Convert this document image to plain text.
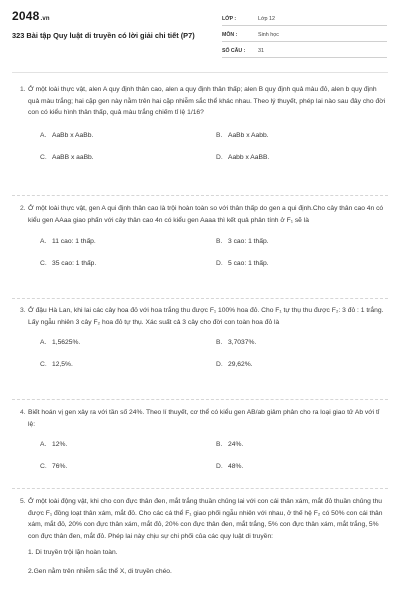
2048.vn
323 Bài tập Quy luật di truyền có lời giải chi tiết (P7)
LỚP :	Lớp 12
MÔN :	Sinh học
SỐ CÂU :	31
1. Ở một loài thực vật, alen A quy định thân cao, alen a quy định thân thấp; alen B quy định quả màu đỏ, alen b quy định quả màu trắng; hai cặp gen này nằm trên hai cặp nhiễm sắc thể khác nhau. Theo lý thuyết, phép lai nào sau đây cho đời con có kiểu hình thân thấp, quả màu trắng chiếm tỉ lệ 1/16?
A. AaBb x AaBb.	B. AaBb x Aabb.
C. AaBB x aaBb.	D. Aabb x AaBB.
2. Ở một loài thực vật, gen A qui định thân cao là trội hoàn toàn so với thân thấp do gen a qui định.Cho cây thân cao 4n có kiểu gen AAaa giao phấn với cây thân cao 4n có kiểu gen Aaaa thì kết quả phân tính ở F₁ sẽ là
A. 11 cao: 1 thấp.	B. 3 cao: 1 thấp.
C. 35 cao: 1 thấp.	D. 5 cao: 1 thấp.
3. Ở đậu Hà Lan, khi lai các cây hoa đỏ với hoa trắng thu được F₁ 100% hoa đỏ. Cho F₁ tự thụ thu được F₂: 3 đỏ : 1 trắng. Lấy ngẫu nhiên 3 cây F₂ hoa đỏ tự thụ. Xác suất cả 3 cây cho đời con toàn hoa đỏ là
A. 1,5625%.	B. 3,7037%.
C. 12,5%.	D. 29,62%.
4. Biết hoán vị gen xảy ra với tần số 24%. Theo lí thuyết, cơ thể có kiểu gen AB/ab giảm phân cho ra loại giao tử Ab với tỉ lệ:
A. 12%.	B. 24%.
C. 76%.	D. 48%.
5. Ở một loài động vật, khi cho con đực thân đen, mắt trắng thuần chủng lai với con cái thân xám, mắt đỏ thuần chủng thu được F₁ đồng loạt thân xám, mắt đỏ. Cho các cá thể F₁ giao phối ngẫu nhiên với nhau, ở thế hệ F₂ có 50% con cái thân xám, mắt đỏ, 20% con đực thân xám, mắt đỏ, 20% con đực thân đen, mắt trắng, 5% con đực thân xám, mắt trắng, 5% con đực thân đen, mắt đỏ. Phép lai này chịu sự chi phối của các quy luật di truyền:
1. Di truyền trội lặn hoàn toàn.
2.Gen nằm trên nhiễm sắc thể X, di truyền chéo.
